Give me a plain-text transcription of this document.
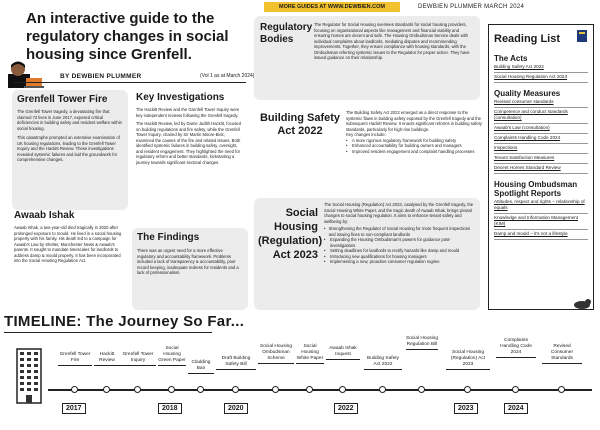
An interactive guide to the regulatory changes in social housing since Grenfell.
BY DEWBIEN PLUMMER	(Vol 1 as at March 2024)
MORE GUIDES AT WWW.DEWBIEN.COM	DEWBIEN PLUMMER MARCH 2024
Grenfell Tower Fire
The Grenfell Tower tragedy, a devastating fire that claimed 72 lives in June 2017, exposed critical deficiencies in building safety and resident welfare within social housing.
This catastrophe prompted an extensive examination of UK housing regulations, leading to the Grenfell Tower Inquiry and the Hackitt Review. These investigations revealed systemic failures and laid the groundwork for comprehensive changes.
Awaab Ishak
Awaab Ishak, a two-year-old died tragically in 2020 after prolonged exposure to mould. He lived in a social housing property with his family. His death led to a campaign for Awaab's Law by Shelter, Manchester News & Awaab's parents. It sought to mandate timescales for landlords to address damp & mould properly. It has been incorporated into the Social Housing Regulation Act.
Key Investigations
The Hackitt Review and the Grenfell Tower Inquiry were key independent reviews following the Grenfell tragedy.
The Hackitt Review, led by Dame Judith Hackitt, focused on building regulations and fire safety, while the Grenfell Tower Inquiry, chaired by Sir Martin Moore-Bick, examined the causes of the fire and related issues. Both identified systemic failures in building safety, oversight, and resident engagement. They highlighted the need for regulatory reform and better standards, kickstarting a journey towards significant sectoral changes.
The Findings
There was an urgent need for a more effective regulatory and accountability framework. Problems included a lack of transparency & accountability, poor record keeping, inadequate redress for residents and a lack of professionalism.
Regulatory Bodies
The Regulator for Social Housing oversees standards for social housing providers, focusing on organisational aspects like management and financial viability and ensuring homes are decent and safe. The Housing Ombudsman Service deals with individual complaints about landlords, mediating disputes and recommending improvements. Together, they ensure compliance with housing standards, with the Ombudsman referring systemic issues to the Regulator for proper action. They have issued guidance on their relationship.
Building Safety Act 2022
The Building Safety Act 2022 emerged as a direct response to the systemic flaws in building safety exposed by the Grenfell tragedy and the subsequent Hackitt Review. It enacts significant reforms in building safety standards, particularly for high-rise buildings.
Key changes include:
•	A more rigorous regulatory framework for building safety
•	Enhanced accountability for building owners and managers
•	Improved resident engagement and complaint handling processes
Social Housing (Regulation) Act 2023
The Social Housing (Regulation) Act 2023, catalysed by the Grenfell tragedy, the Social Housing White Paper, and the tragic death of Awaab Ishak, brings pivotal changes to social housing regulation. It aims to enhance tenant safety and wellbeing by:
• Strengthening the Regulator of Social Housing for more frequent inspections and issuing fines to non-compliant landlords
•	Expanding the Housing Ombudsman's powers for guidance post-investigations
•	Setting deadlines for landlords to rectify hazards like damp and mould
•	Introducing new qualifications for housing managers
•	Implementing a new, proactive consumer regulation regime
Reading List
The Acts
Building Safety Act 2022
Social Housing Regulation Act 2023
Quality Measures
Revised consumer standards
Competence and conduct standards (consultation)
Awaab's Law (consultation)
Complaints Handling Code 2024
Inspections
Tenant Satisfaction Measures
Decent Homes Standard Review
Housing Ombudsman Spotlight Reports
Attitudes, respect and rights – relationship of equals
Knowledge and Information Management (KIM)
Damp and mould – it's not a lifestyle
TIMELINE: The Journey So Far...
Grenfell Tower Fire
Hackitt Review
Grenfell Tower Inquiry
Social Housing Green Paper	Cladding Ban
Draft Building Safety Bill
Social Housing Ombudsman Scheme
Social Housing White Paper
Awaab Ishak Inquest
Building Safety Act 2022
Social Housing Regulation Bill
Social Housing (Regulation) Act 2023
Complaints Handling Code 2024
Revised Consumer Standards
2017	2018	2020	2022	2023	2024
